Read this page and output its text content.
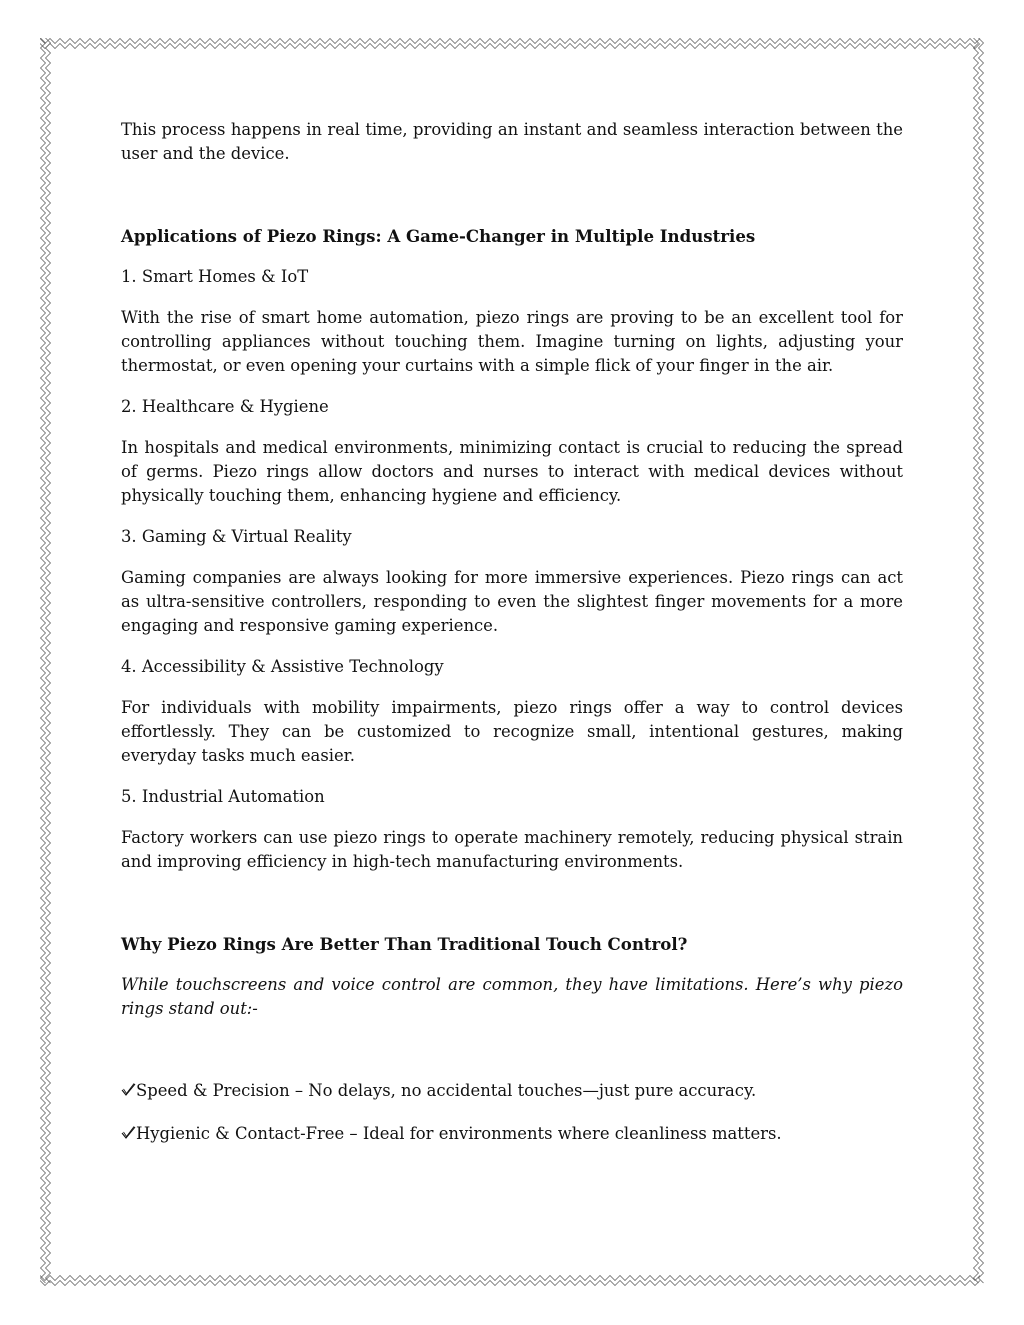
This process happens in real time, providing an instant and seamless interaction between the user and the device.

Applications of Piezo Rings: A Game-Changer in Multiple Industries

1. Smart Homes & IoT

With the rise of smart home automation, piezo rings are proving to be an excellent tool for controlling appliances without touching them. Imagine turning on lights, adjusting your thermostat, or even opening your curtains with a simple flick of your finger in the air.

2. Healthcare & Hygiene

In hospitals and medical environments, minimizing contact is crucial to reducing the spread of germs. Piezo rings allow doctors and nurses to interact with medical devices without physically touching them, enhancing hygiene and efficiency.

3. Gaming & Virtual Reality

Gaming companies are always looking for more immersive experiences. Piezo rings can act as ultra-sensitive controllers, responding to even the slightest finger movements for a more engaging and responsive gaming experience.

4. Accessibility & Assistive Technology

For individuals with mobility impairments, piezo rings offer a way to control devices effortlessly. They can be customized to recognize small, intentional gestures, making everyday tasks much easier.

5. Industrial Automation

Factory workers can use piezo rings to operate machinery remotely, reducing physical strain and improving efficiency in high-tech manufacturing environments.

Why Piezo Rings Are Better Than Traditional Touch Control?

While touchscreens and voice control are common, they have limitations. Here’s why piezo rings stand out:-

Speed & Precision – No delays, no accidental touches—just pure accuracy.
Hygienic & Contact-Free – Ideal for environments where cleanliness matters.
